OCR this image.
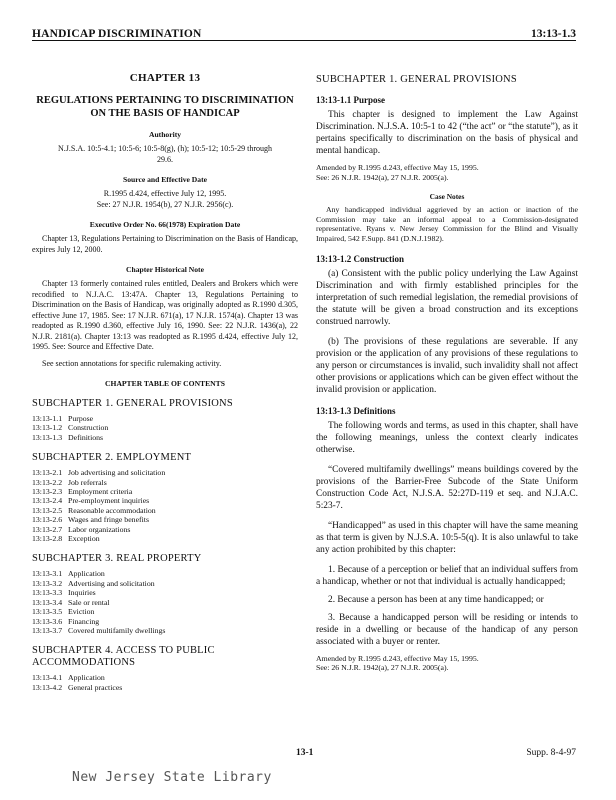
HANDICAP DISCRIMINATION	13:13-1.3
CHAPTER 13
REGULATIONS PERTAINING TO DISCRIMINATION ON THE BASIS OF HANDICAP
Authority
N.J.S.A. 10:5-4.1; 10:5-6; 10:5-8(g), (h); 10:5-12; 10:5-29 through 29.6.
Source and Effective Date
R.1995 d.424, effective July 12, 1995.
See: 27 N.J.R. 1954(b), 27 N.J.R. 2956(c).
Executive Order No. 66(1978) Expiration Date
Chapter 13, Regulations Pertaining to Discrimination on the Basis of Handicap, expires July 12, 2000.
Chapter Historical Note
Chapter 13 formerly contained rules entitled, Dealers and Brokers which were recodified to N.J.A.C. 13:47A. Chapter 13, Regulations Pertaining to Discrimination on the Basis of Handicap, was originally adopted as R.1990 d.305, effective June 17, 1985. See: 17 N.J.R. 671(a), 17 N.J.R. 1574(a). Chapter 13 was readopted as R.1990 d.360, effective July 16, 1990. See: 22 N.J.R. 1436(a), 22 N.J.R. 2181(a). Chapter 13:13 was readopted as R.1995 d.424, effective July 12, 1995. See: Source and Effective Date.
See section annotations for specific rulemaking activity.
CHAPTER TABLE OF CONTENTS
SUBCHAPTER 1. GENERAL PROVISIONS
13:13-1.1 Purpose
13:13-1.2 Construction
13:13-1.3 Definitions
SUBCHAPTER 2. EMPLOYMENT
13:13-2.1 Job advertising and solicitation
13:13-2.2 Job referrals
13:13-2.3 Employment criteria
13:13-2.4 Pre-employment inquiries
13:13-2.5 Reasonable accommodation
13:13-2.6 Wages and fringe benefits
13:13-2.7 Labor organizations
13:13-2.8 Exception
SUBCHAPTER 3. REAL PROPERTY
13:13-3.1 Application
13:13-3.2 Advertising and solicitation
13:13-3.3 Inquiries
13:13-3.4 Sale or rental
13:13-3.5 Eviction
13:13-3.6 Financing
13:13-3.7 Covered multifamily dwellings
SUBCHAPTER 4. ACCESS TO PUBLIC ACCOMMODATIONS
13:13-4.1 Application
13:13-4.2 General practices
SUBCHAPTER 1. GENERAL PROVISIONS
13:13-1.1 Purpose
This chapter is designed to implement the Law Against Discrimination. N.J.S.A. 10:5-1 to 42 (“the act” or “the statute”), as it pertains specifically to discrimination on the basis of physical and mental handicap.
Amended by R.1995 d.243, effective May 15, 1995.
See: 26 N.J.R. 1942(a), 27 N.J.R. 2005(a).
Case Notes
Any handicapped individual aggrieved by an action or inaction of the Commission may take an informal appeal to a Commission-designated representative. Ryans v. New Jersey Commission for the Blind and Visually Impaired, 542 F.Supp. 841 (D.N.J.1982).
13:13-1.2 Construction
(a) Consistent with the public policy underlying the Law Against Discrimination and with firmly established principles for the interpretation of such remedial legislation, the remedial provisions of the statute will be given a broad construction and its exceptions construed narrowly.
(b) The provisions of these regulations are severable. If any provision or the application of any provisions of these regulations to any person or circumstances is invalid, such invalidity shall not affect other provisions or applications which can be given effect without the invalid provision or application.
13:13-1.3 Definitions
The following words and terms, as used in this chapter, shall have the following meanings, unless the context clearly indicates otherwise.
“Covered multifamily dwellings” means buildings covered by the provisions of the Barrier-Free Subcode of the State Uniform Construction Code Act, N.J.S.A. 52:27D-119 et seq. and N.J.A.C. 5:23-7.
“Handicapped” as used in this chapter will have the same meaning as that term is given by N.J.S.A. 10:5-5(q). It is also unlawful to take any action prohibited by this chapter:
1. Because of a perception or belief that an individual suffers from a handicap, whether or not that individual is actually handicapped;
2. Because a person has been at any time handicapped; or
3. Because a handicapped person will be residing or intends to reside in a dwelling or because of the handicap of any person associated with a buyer or renter.
Amended by R.1995 d.243, effective May 15, 1995.
See: 26 N.J.R. 1942(a), 27 N.J.R. 2005(a).
13-1	Supp. 8-4-97
New Jersey State Library
